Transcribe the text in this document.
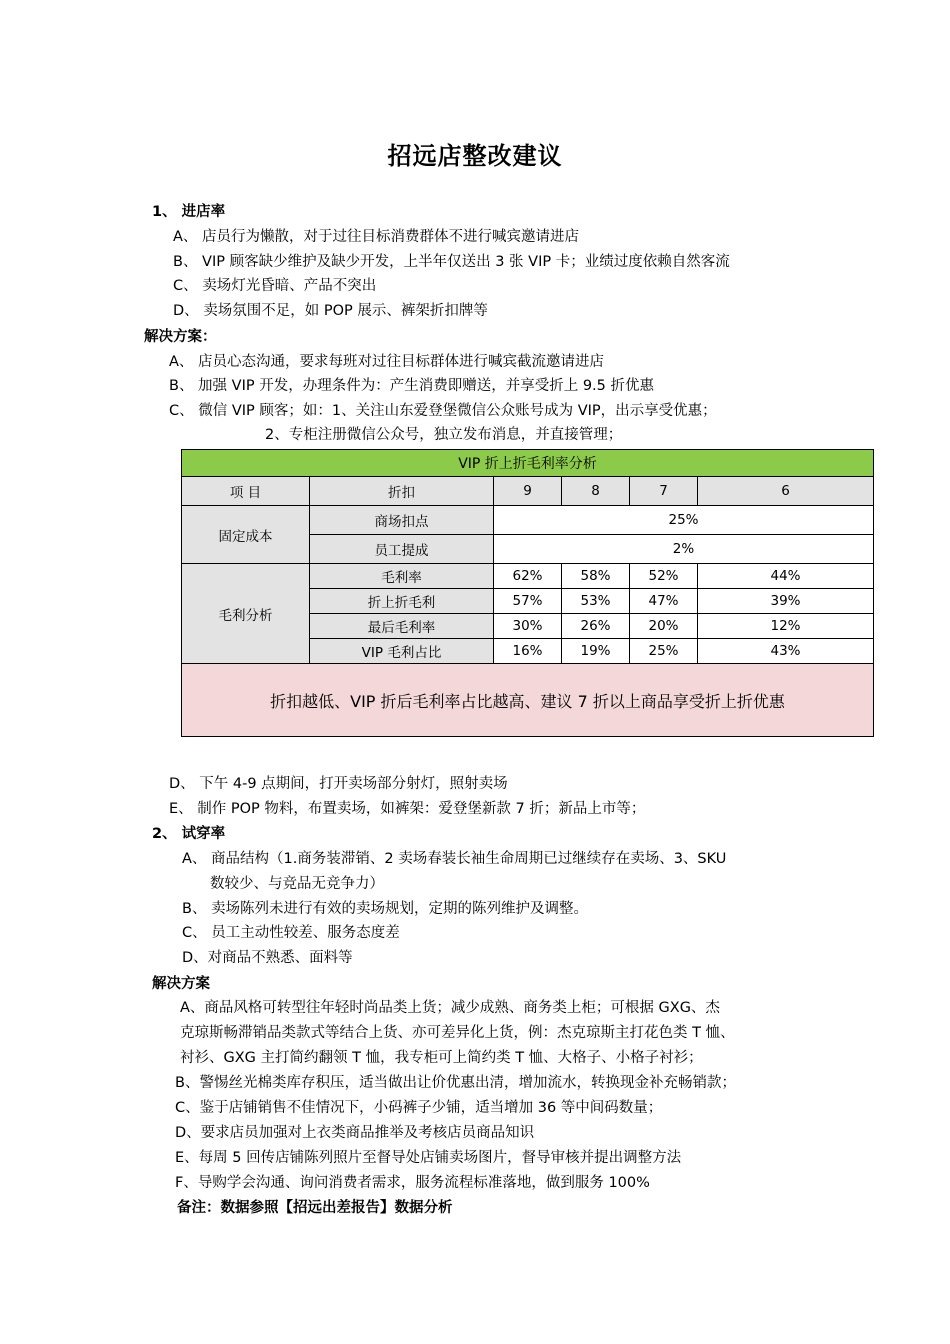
招远店整改建议
1、 进店率
A、 店员行为懒散，对于过往目标消费群体不进行喊宾邀请进店
B、 VIP 顾客缺少维护及缺少开发，上半年仅送出 3 张 VIP 卡；业绩过度依赖自然客流
C、 卖场灯光昏暗、产品不突出
D、 卖场氛围不足，如 POP 展示、裤架折扣牌等
解决方案：
A、 店员心态沟通，要求每班对过往目标群体进行喊宾截流邀请进店
B、 加强 VIP 开发，办理条件为：产生消费即赠送，并享受折上 9.5 折优惠
C、 微信 VIP 顾客；如：1、关注山东爱登堡微信公众账号成为 VIP，出示享受优惠；
2、专柜注册微信公众号，独立发布消息，并直接管理；
VIP 折上折毛利率分析					
项 目	折扣	9	8	7	6
固定成本	商场扣点	25%			
	员工提成	2%			
毛利分析	毛利率	62%	58%	52%	44%
	折上折毛利	57%	53%	47%	39%
	最后毛利率	30%	26%	20%	12%
	VIP 毛利占比	16%	19%	25%	43%
折扣越低、VIP 折后毛利率占比越高、建议 7 折以上商品享受折上折优惠					
D、 下午 4-9 点期间，打开卖场部分射灯，照射卖场
E、 制作 POP 物料，布置卖场，如裤架：爱登堡新款 7 折；新品上市等；
2、 试穿率
A、 商品结构（1.商务装滞销、2 卖场春装长袖生命周期已过继续存在卖场、3、SKU
数较少、与竞品无竞争力）
B、 卖场陈列未进行有效的卖场规划，定期的陈列维护及调整。
C、 员工主动性较差、服务态度差
D、对商品不熟悉、面料等
解决方案
A、商品风格可转型往年轻时尚品类上货；减少成熟、商务类上柜；可根据 GXG、杰
克琼斯畅滞销品类款式等结合上货、亦可差异化上货，例：杰克琼斯主打花色类 T 恤、
衬衫、GXG 主打简约翻领 T 恤，我专柜可上简约类 T 恤、大格子、小格子衬衫；
B、警惕丝光棉类库存积压，适当做出让价优惠出清，增加流水，转换现金补充畅销款；
C、鉴于店铺销售不佳情况下，小码裤子少铺，适当增加 36 等中间码数量；
D、要求店员加强对上衣类商品推举及考核店员商品知识
E、每周 5 回传店铺陈列照片至督导处店铺卖场图片，督导审核并提出调整方法
F、导购学会沟通、询问消费者需求，服务流程标准落地，做到服务 100%
备注：数据参照【招远出差报告】数据分析
